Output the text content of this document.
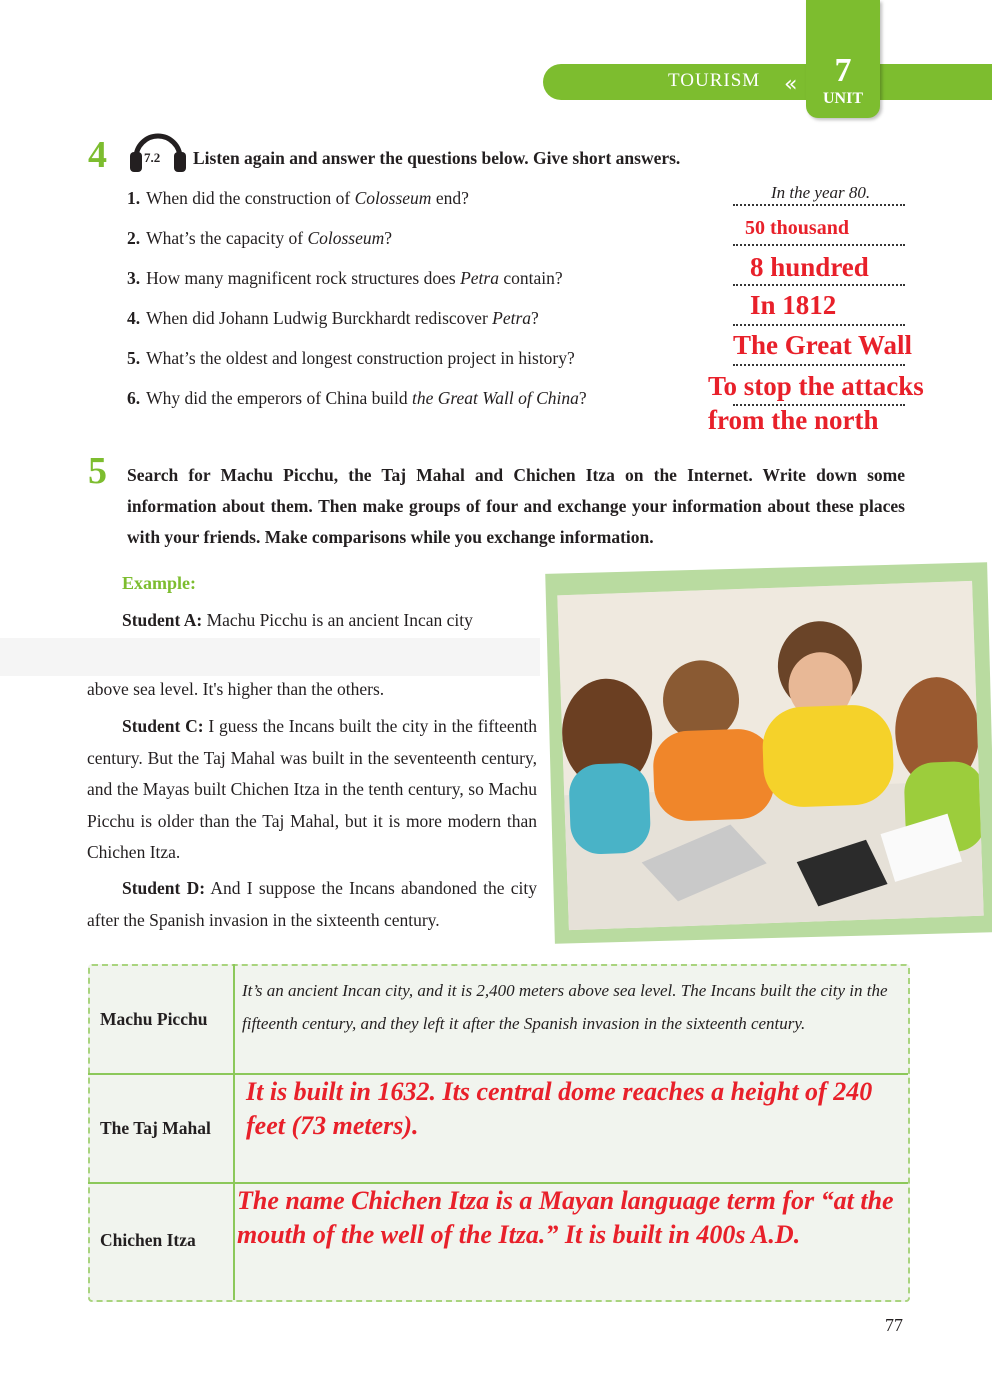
TOURISM «	7
UNIT
4	7.2 Listen again and answer the questions below. Give short answers.
1. When did the construction of Colosseum end?
2. What’s the capacity of Colosseum?
3. How many magnificent rock structures does Petra contain?
4. When did Johann Ludwig Burckhardt rediscover Petra?
5. What’s the oldest and longest construction project in history?
6. Why did the emperors of China build the Great Wall of China?
In the year 80.
50 thousand
8 hundred
In 1812
The Great Wall
To stop the attacks
from the north
5 Search for Machu Picchu, the Taj Mahal and Chichen Itza on the Internet. Write down some information about them. Then make groups of four and exchange your information about these places with your friends. Make comparisons while you exchange information.
Example:
Student A: Machu Picchu is an ancient Incan city
above sea level. It's higher than the others.
Student C: I guess the Incans built the city in the fifteenth century. But the Taj Mahal was built in the seventeenth century, and the Mayas built Chichen Itza in the tenth century, so Machu Picchu is older than the Taj Mahal, but it is more modern than Chichen Itza.
Student D: And I suppose the Incans abandoned the city after the Spanish invasion in the sixteenth century.
Machu Picchu
It’s an ancient Incan city, and it is 2,400 meters above sea level. The Incans built the city in the fifteenth century, and they left it after the Spanish invasion in the sixteenth century.
The Taj Mahal
It is built in 1632. Its central dome reaches a height of 240 feet (73 meters).
Chichen Itza
The name Chichen Itza is a Mayan language term for “at the mouth of the well of the Itza.” It is built in 400s A.D.
77
